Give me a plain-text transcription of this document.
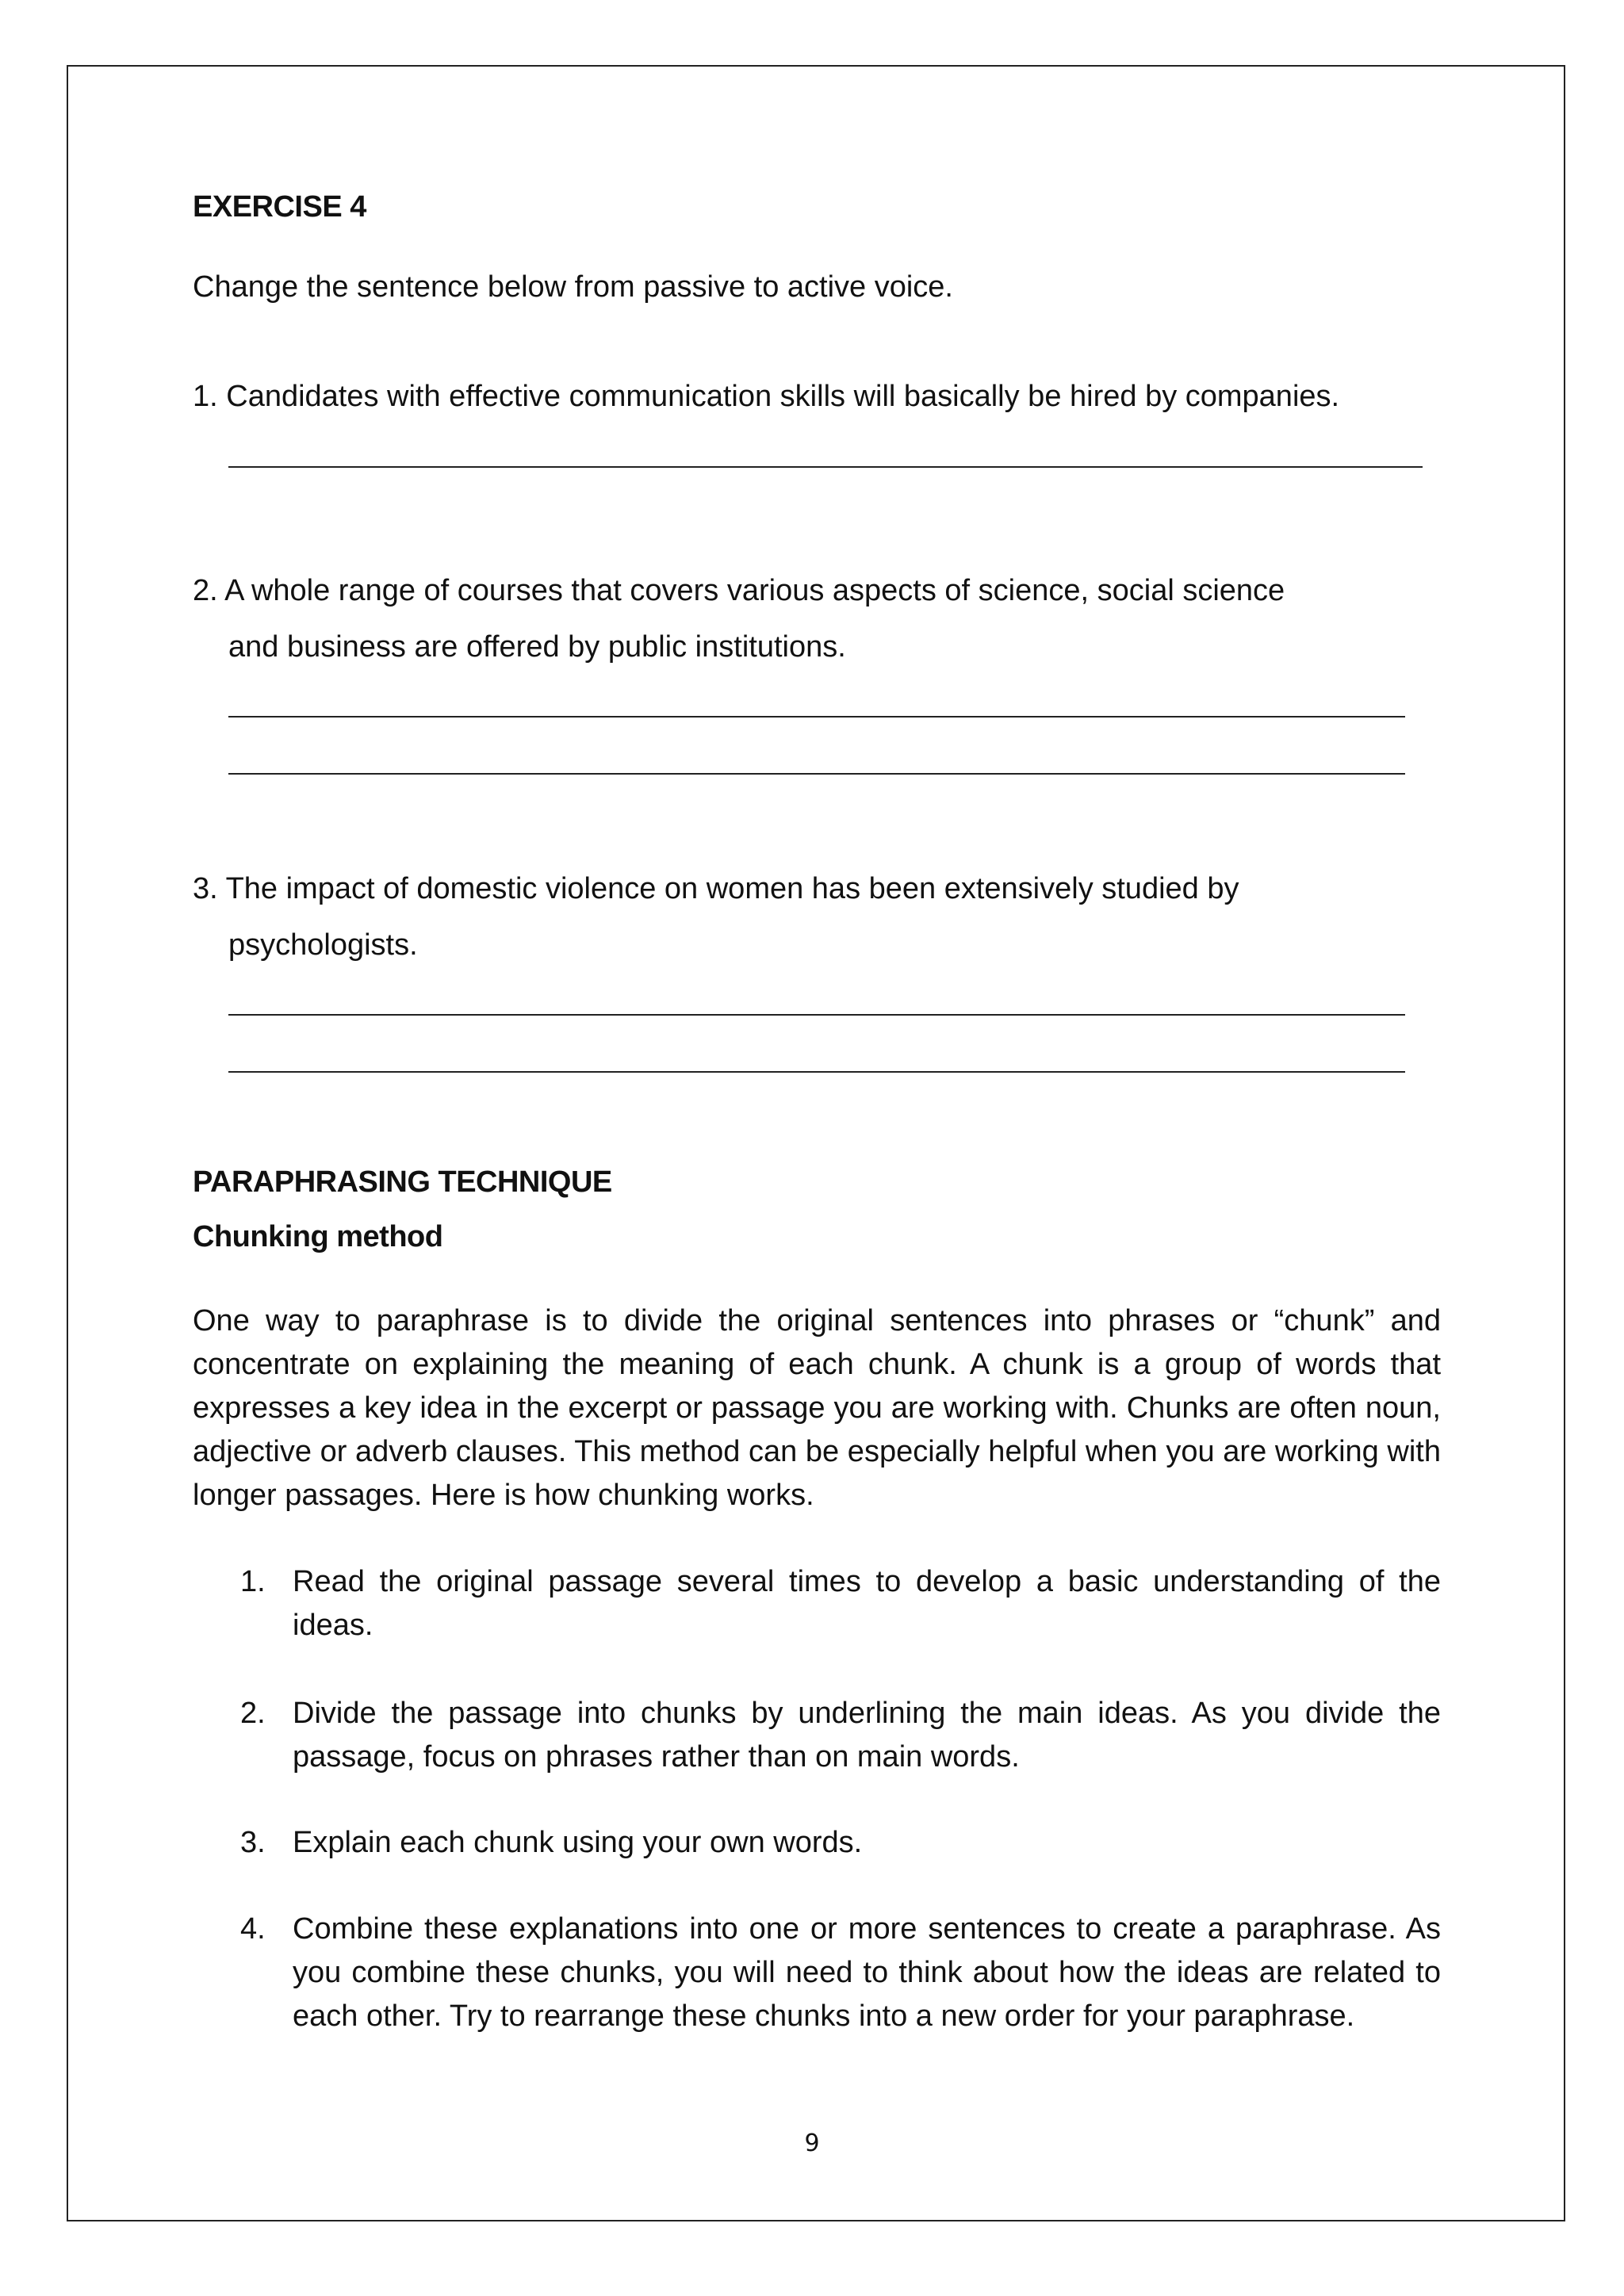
EXERCISE 4
Change the sentence below from passive to active voice.
1. Candidates with effective communication skills will basically be hired by companies.
2. A whole range of courses that covers various aspects of science, social science
and business are offered by public institutions.
3. The impact of domestic violence on women has been extensively studied by
psychologists.
PARAPHRASING TECHNIQUE
Chunking method
One way to paraphrase is to divide the original sentences into phrases or “chunk” and concentrate on explaining the meaning of each chunk. A chunk is a group of words that expresses a key idea in the excerpt or passage you are working with. Chunks are often noun, adjective or adverb clauses. This method can be especially helpful when you are working with longer passages. Here is how chunking works.
1. Read the original passage several times to develop a basic understanding of the ideas.
2. Divide the passage into chunks by underlining the main ideas. As you divide the passage, focus on phrases rather than on main words.
3. Explain each chunk using your own words.
4. Combine these explanations into one or more sentences to create a paraphrase. As you combine these chunks, you will need to think about how the ideas are related to each other. Try to rearrange these chunks into a new order for your paraphrase.
9
